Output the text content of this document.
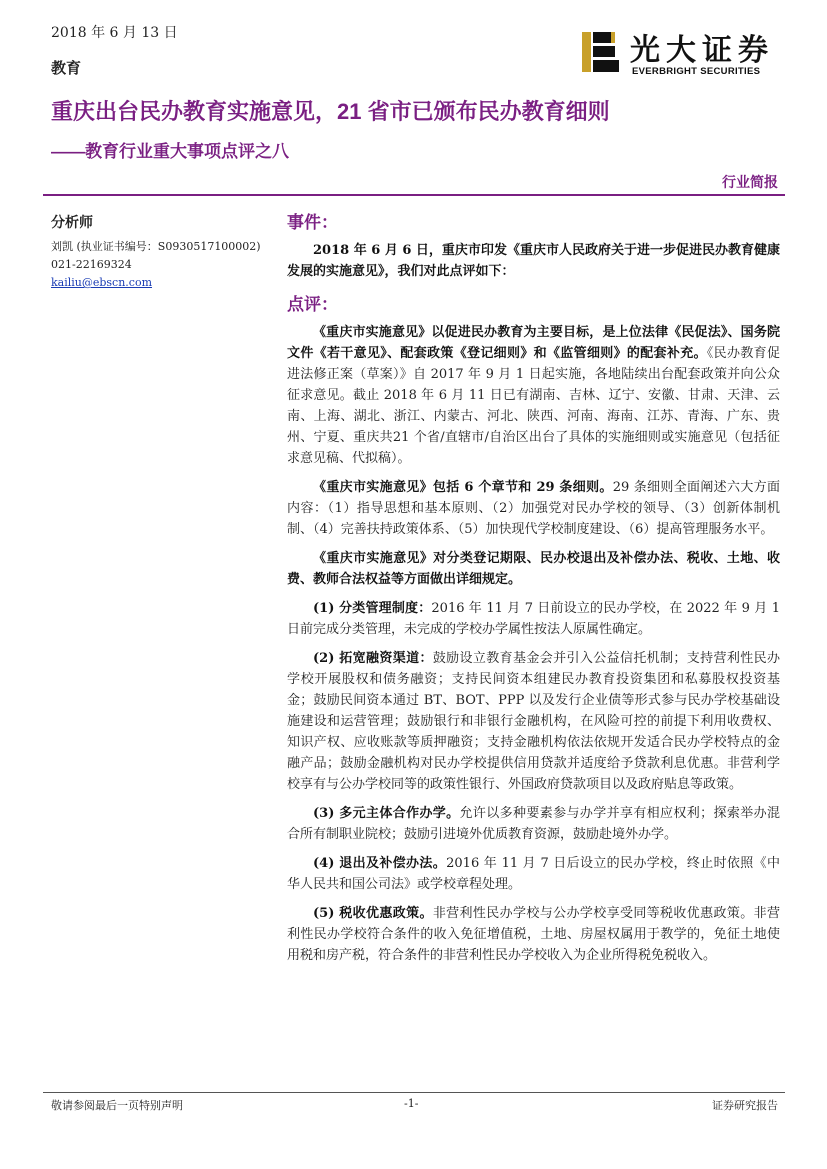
2018 年 6 月 13 日
教育
光大证券
EVERBRIGHT SECURITIES
重庆出台民办教育实施意见，21 省市已颁布民办教育细则
——教育行业重大事项点评之八
行业简报
分析师
刘凯 (执业证书编号：S0930517100002)
021-22169324
kailiu@ebscn.com
事件：

2018 年 6 月 6 日，重庆市印发《重庆市人民政府关于进一步促进民办教育健康发展的实施意见》，我们对此点评如下：

点评：

《重庆市实施意见》以促进民办教育为主要目标，是上位法律《民促法》、国务院文件《若干意见》、配套政策《登记细则》和《监管细则》的配套补充。《民办教育促进法修正案（草案）》自 2017 年 9 月 1 日起实施，各地陆续出台配套政策并向公众征求意见。截止 2018 年 6 月 11 日已有湖南、吉林、辽宁、安徽、甘肃、天津、云南、上海、湖北、浙江、内蒙古、河北、陕西、河南、海南、江苏、青海、广东、贵州、宁夏、重庆共21 个省/直辖市/自治区出台了具体的实施细则或实施意见（包括征求意见稿、代拟稿）。

《重庆市实施意见》包括 6 个章节和 29 条细则。29 条细则全面阐述六大方面内容：（1）指导思想和基本原则、（2）加强党对民办学校的领导、（3）创新体制机制、（4）完善扶持政策体系、（5）加快现代学校制度建设、（6）提高管理服务水平。

《重庆市实施意见》对分类登记期限、民办校退出及补偿办法、税收、土地、收费、教师合法权益等方面做出详细规定。

(1) 分类管理制度：2016 年 11 月 7 日前设立的民办学校，在 2022 年 9 月 1 日前完成分类管理，未完成的学校办学属性按法人原属性确定。

(2) 拓宽融资渠道：鼓励设立教育基金会并引入公益信托机制；支持营利性民办学校开展股权和债务融资；支持民间资本组建民办教育投资集团和私募股权投资基金；鼓励民间资本通过 BT、BOT、PPP 以及发行企业债等形式参与民办学校基础设施建设和运营管理；鼓励银行和非银行金融机构，在风险可控的前提下利用收费权、知识产权、应收账款等质押融资；支持金融机构依法依规开发适合民办学校特点的金融产品；鼓励金融机构对民办学校提供信用贷款并适度给予贷款利息优惠。非营利学校享有与公办学校同等的政策性银行、外国政府贷款项目以及政府贴息等政策。

(3) 多元主体合作办学。允许以多种要素参与办学并享有相应权利；探索举办混合所有制职业院校；鼓励引进境外优质教育资源，鼓励赴境外办学。

(4) 退出及补偿办法。2016 年 11 月 7 日后设立的民办学校，终止时依照《中华人民共和国公司法》或学校章程处理。

(5) 税收优惠政策。非营利性民办学校与公办学校享受同等税收优惠政策。非营利性民办学校符合条件的收入免征增值税，土地、房屋权属用于教学的，免征土地使用税和房产税，符合条件的非营利性民办学校收入为企业所得税免税收入。

敬请参阅最后一页特别声明	-1-	证券研究报告
